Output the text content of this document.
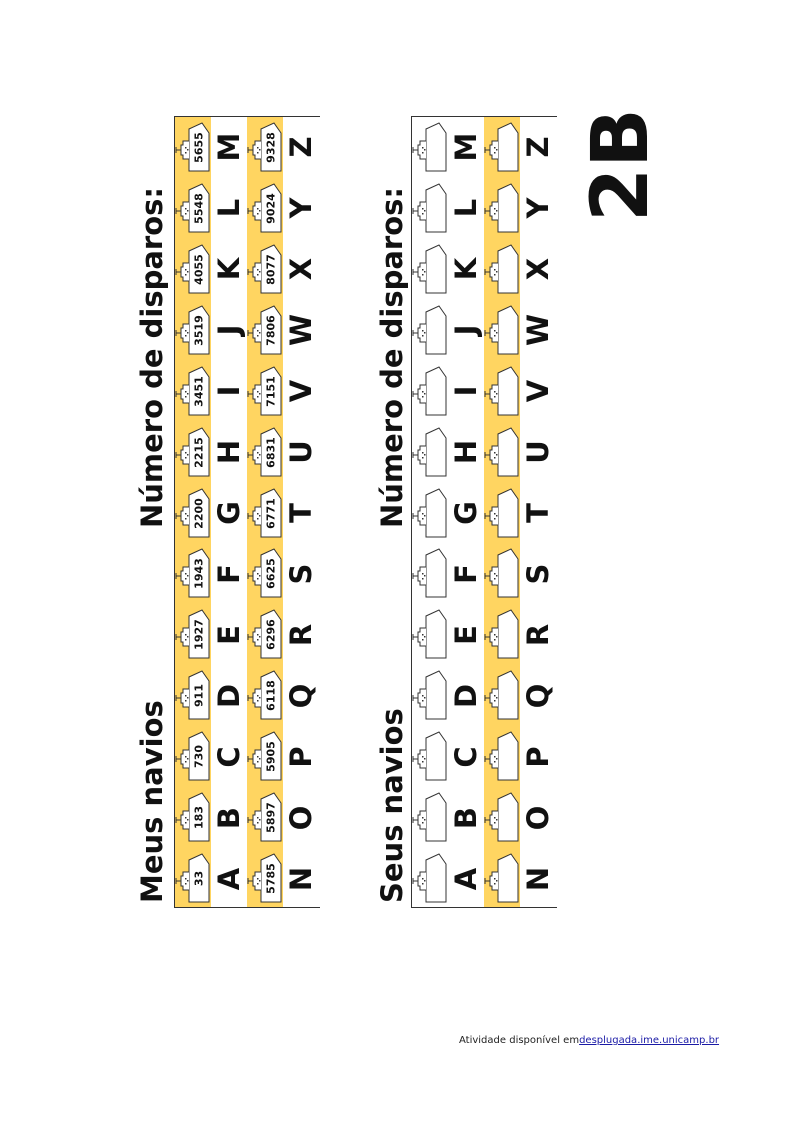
Meus navios
Número de disparos:
Seus navios
Número de disparos:
2B
33	5785
A N
183	5897
B O
730	5905
C P
911	6118
D Q
1927	6296
E R
1943	6625
F S
2200	6771
G T
2215	6831
H U
3451	7151
I V
3519	7806
J W
4055	8077
K X
5548	9024
L Y
5655	9328
M Z
A N
B O
C P
D Q
E R
F S
G T
H U
I V
J W
K X
L Y
M Z
Atividade disponível emdesplugada.ime.unicamp.br
